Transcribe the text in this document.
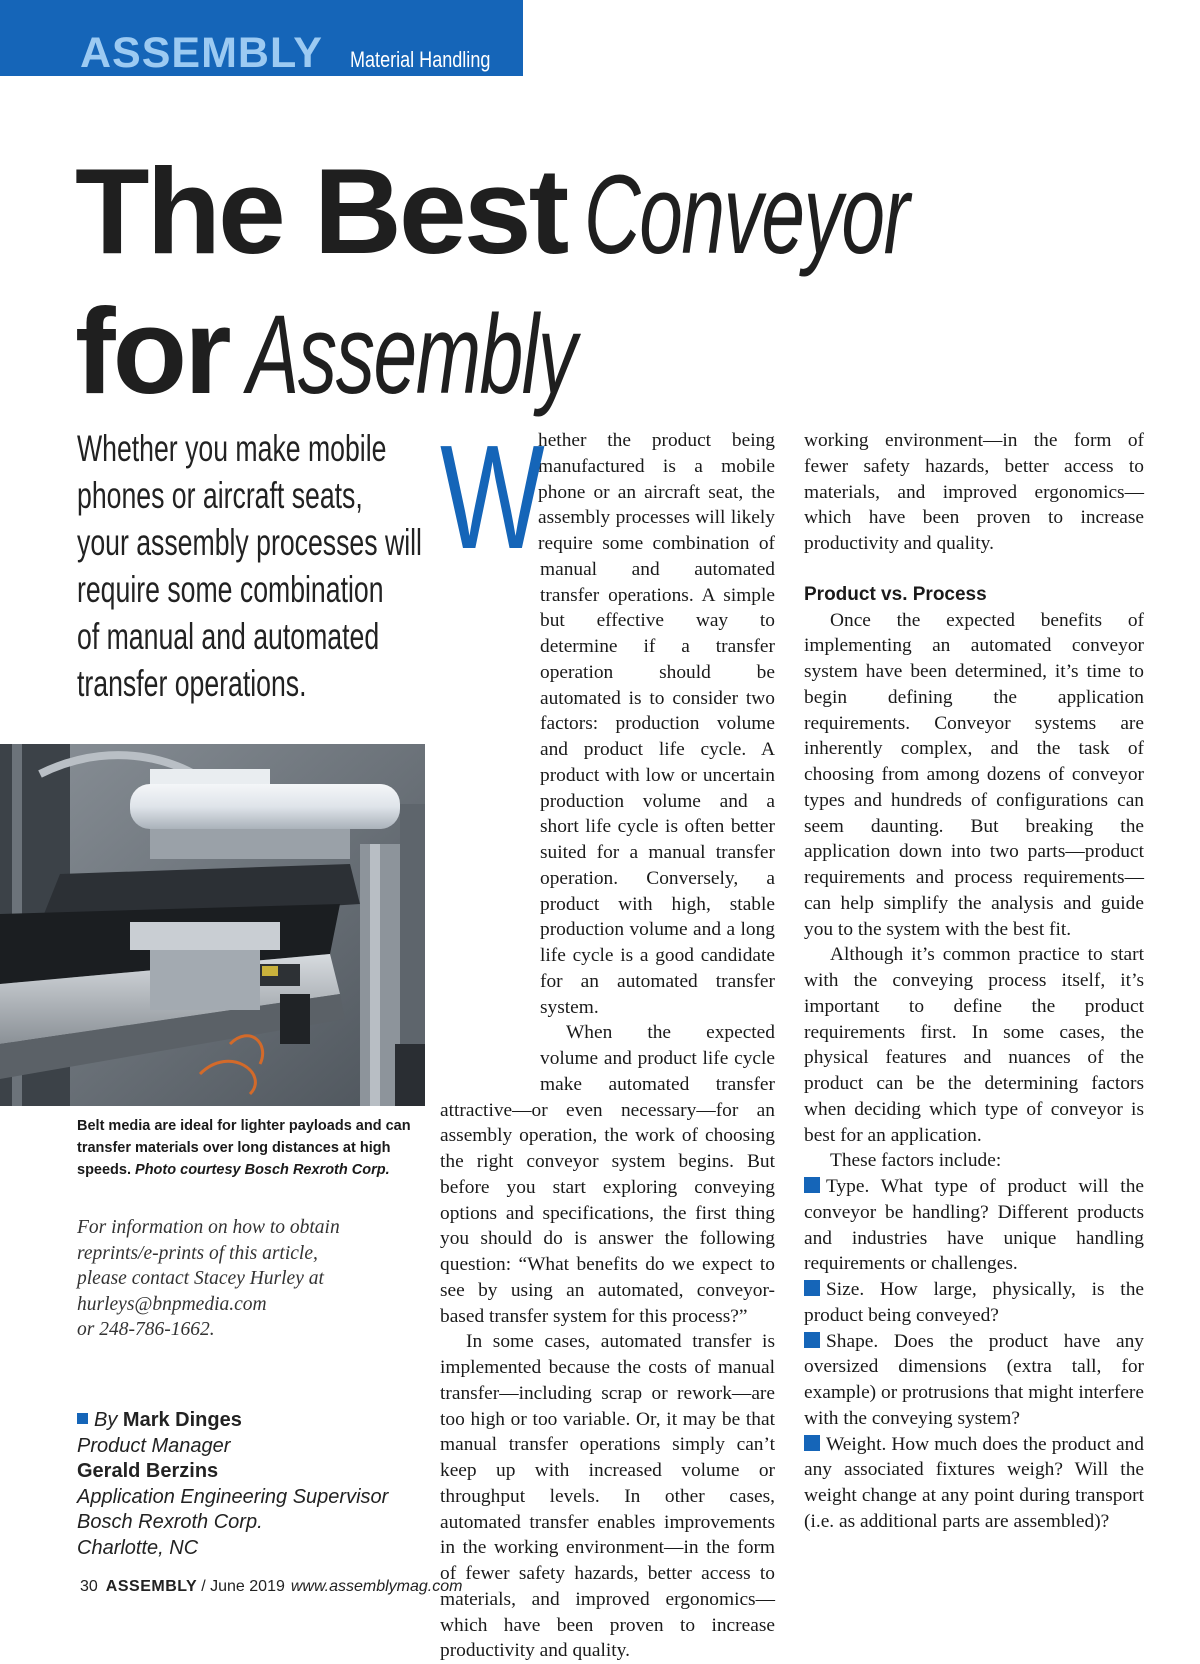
ASSEMBLY Material Handling
The Best Conveyor
for Assembly
Whether you make mobile
phones or aircraft seats,
your assembly processes will
require some combination
of manual and automated
transfer operations.
Belt media are ideal for lighter payloads and can transfer materials over long distances at high speeds. Photo courtesy Bosch Rexroth Corp.
For information on how to obtain
reprints/e-prints of this article,
please contact Stacey Hurley at
hurleys@bnpmedia.com
or 248-786-1662.
By Mark Dinges
Product Manager
Gerald Berzins
Application Engineering Supervisor
Bosch Rexroth Corp.
Charlotte, NC
W

hether the product being manufactured is a mobile phone or an aircraft seat, the assembly processes will likely require some combination of manual and automated transfer operations. A simple but effective way to determine if a transfer operation should be automated is to consider two factors: production volume and product life cycle. A product with low or uncertain production volume and a short life cycle is often better suited for a manual transfer operation. Conversely, a product with high, stable production volume and a long life cycle is a good candidate for an automated transfer system.

When the expected volume and product life cycle make automated transfer attractive—or even necessary—for an assembly operation, the work of choosing the right conveyor system begins. But before you start exploring conveying options and specifications, the first thing you should do is answer the following question: “What benefits do we expect to see by using an automated, conveyor-based transfer system for this process?”

In some cases, automated transfer is implemented because the costs of manual transfer—including scrap or rework—are too high or too variable. Or, it may be that manual transfer operations simply can’t keep up with increased volume or throughput levels. In other cases, automated transfer enables improvements in the working environment—in the form of fewer safety hazards, better access to materials, and improved ergonomics—which have been proven to increase productivity and quality.

working environment—in the form of fewer safety hazards, better access to materials, and improved ergonomics—which have been proven to increase productivity and quality.

Product vs. Process

Once the expected benefits of implementing an automated conveyor system have been determined, it’s time to begin defining the application requirements. Conveyor systems are inherently complex, and the task of choosing from among dozens of conveyor types and hundreds of configurations can seem daunting. But breaking the application down into two parts—product requirements and process requirements—can help simplify the analysis and guide you to the system with the best fit.

Although it’s common practice to start with the conveying process itself, it’s important to define the product requirements first. In some cases, the physical features and nuances of the product can be the determining factors when deciding which type of conveyor is best for an application.

These factors include:

Type. What type of product will the conveyor be handling? Different products and industries have unique handling requirements or challenges.

Size. How large, physically, is the product being conveyed?

Shape. Does the product have any oversized dimensions (extra tall, for example) or protrusions that might interfere with the conveying system?

Weight. How much does the product and any associated fixtures weigh? Will the weight change at any point during transport (i.e. as additional parts are assembled)?

30 ASSEMBLY / June 2019 www.assemblymag.com
